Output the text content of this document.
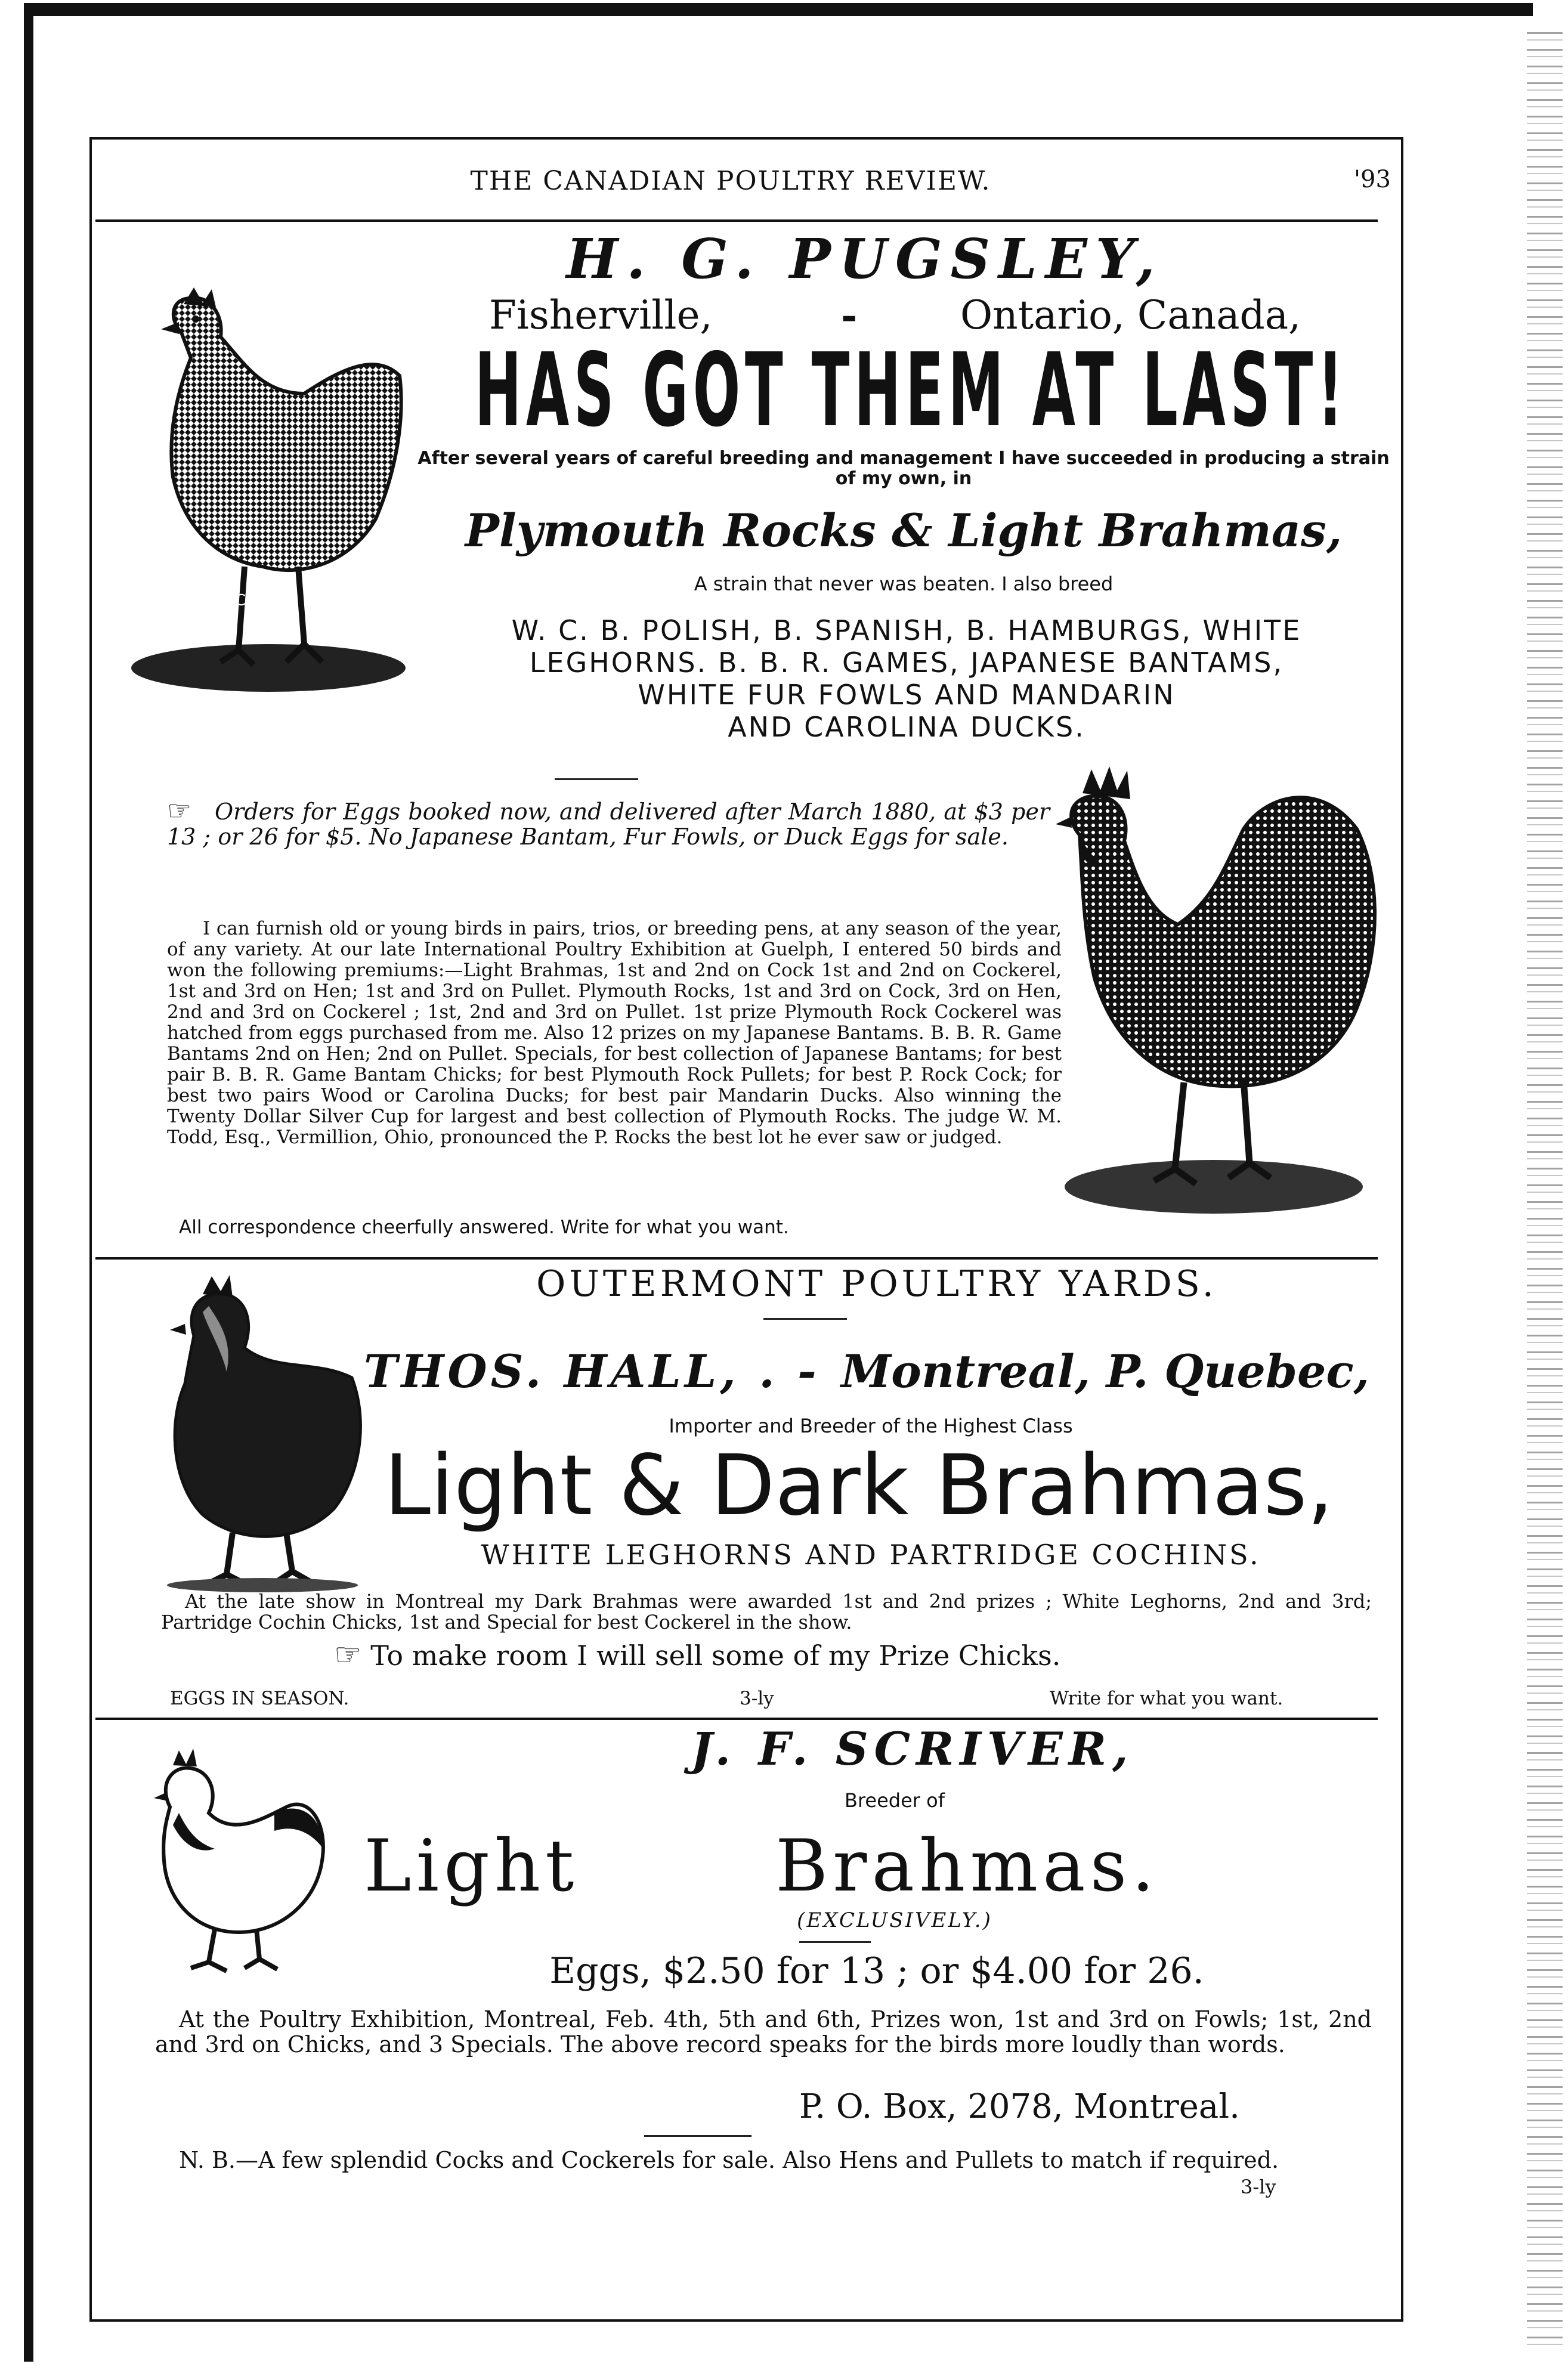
THE CANADIAN POULTRY REVIEW.	'93
H. G. PUGSLEY,
Fisherville,	-	Ontario, Canada,
HAS GOT THEM AT LAST!
After several years of careful breeding and management I have succeeded in producing a strain of my own, in
Plymouth Rocks & Light Brahmas,
A strain that never was beaten. I also breed
W. C. B. POLISH, B. SPANISH, B. HAMBURGS, WHITE
LEGHORNS. B. B. R. GAMES, JAPANESE BANTAMS,
WHITE FUR FOWLS AND MANDARIN
AND CAROLINA DUCKS.
POWELL & CO.
☞	Orders for Eggs booked now, and delivered after March 1880, at $3 per 13 ; or 26 for $5. No Japanese Bantam, Fur Fowls, or Duck Eggs for sale.
I can furnish old or young birds in pairs, trios, or breeding pens, at any season of the year, of any variety. At our late International Poultry Exhibition at Guelph, I entered 50 birds and won the following premiums:—Light Brahmas, 1st and 2nd on Cock 1st and 2nd on Cockerel, 1st and 3rd on Hen; 1st and 3rd on Pullet. Plymouth Rocks, 1st and 3rd on Cock, 3rd on Hen, 2nd and 3rd on Cockerel ; 1st, 2nd and 3rd on Pullet. 1st prize Plymouth Rock Cockerel was hatched from eggs purchased from me. Also 12 prizes on my Japanese Bantams. B. B. R. Game Bantams 2nd on Hen; 2nd on Pullet. Specials, for best collection of Japanese Bantams; for best pair B. B. R. Game Bantam Chicks; for best Plymouth Rock Pullets; for best P. Rock Cock; for best two pairs Wood or Carolina Ducks; for best pair Mandarin Ducks. Also winning the Twenty Dollar Silver Cup for largest and best collection of Plymouth Rocks. The judge W. M. Todd, Esq., Vermillion, Ohio, pronounced the P. Rocks the best lot he ever saw or judged.
All correspondence cheerfully answered. Write for what you want.
OUTERMONT POULTRY YARDS.
THOS. HALL, . - Montreal, P. Quebec,
Importer and Breeder of the Highest Class
Light & Dark Brahmas,
WHITE LEGHORNS AND PARTRIDGE COCHINS.
At the late show in Montreal my Dark Brahmas were awarded 1st and 2nd prizes ; White Leghorns, 2nd and 3rd; Partridge Cochin Chicks, 1st and Special for best Cockerel in the show.
☞ To make room I will sell some of my Prize Chicks.
EGGS IN SEASON.	3-ly	Write for what you want.
J. F. SCRIVER,
Breeder of
Light	Brahmas.
(EXCLUSIVELY.)
Eggs, $2.50 for 13 ; or $4.00 for 26.
At the Poultry Exhibition, Montreal, Feb. 4th, 5th and 6th, Prizes won, 1st and 3rd on Fowls; 1st, 2nd and 3rd on Chicks, and 3 Specials. The above record speaks for the birds more loudly than words.
P. O. Box, 2078, Montreal.
N. B.—A few splendid Cocks and Cockerels for sale. Also Hens and Pullets to match if required.
3-ly
